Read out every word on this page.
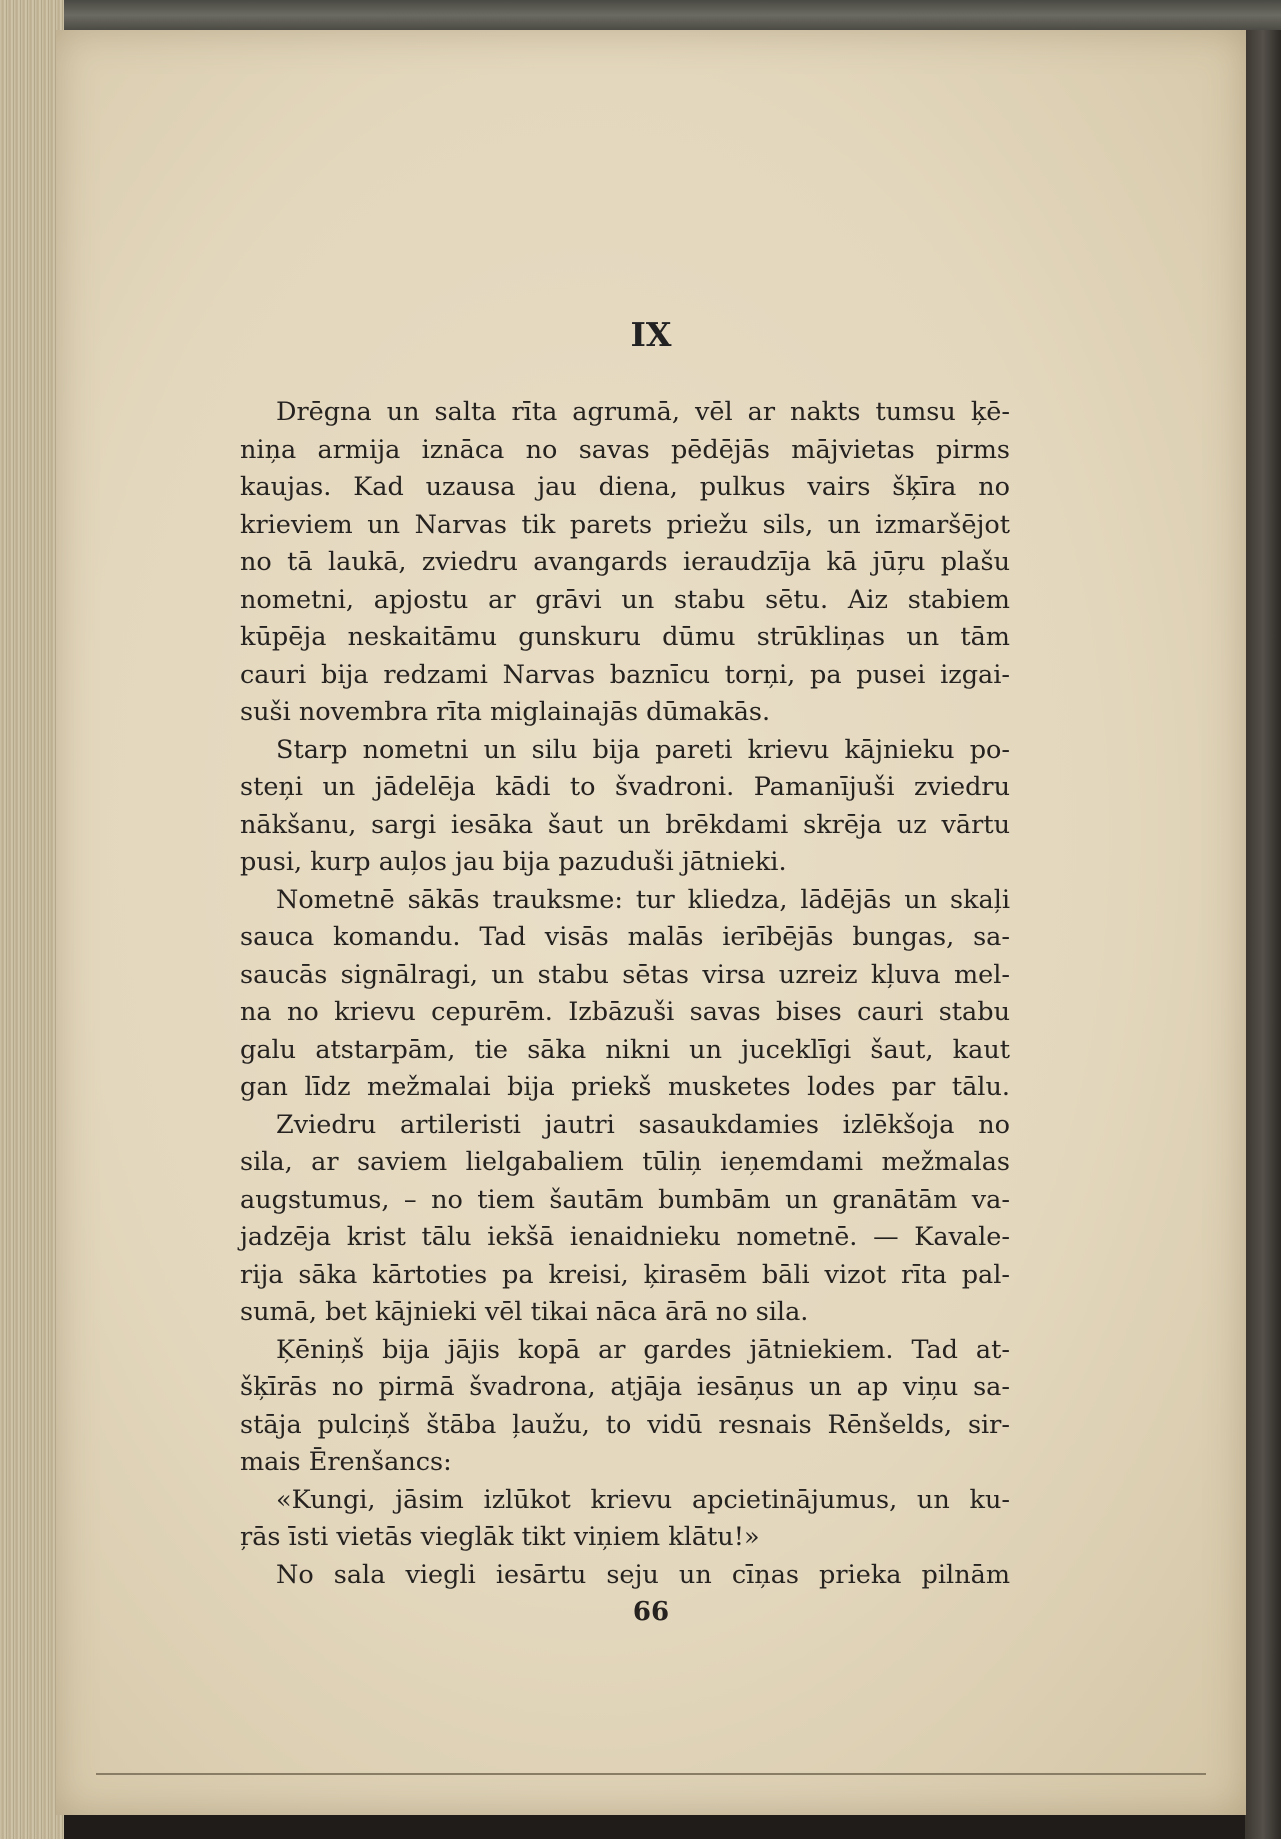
IX
Drēgna un salta rīta agrumā, vēl ar nakts tumsu ķē-
niņa armija iznāca no savas pēdējās mājvietas pirms
kaujas. Kad uzausa jau diena, pulkus vairs šķīra no
krieviem un Narvas tik parets priežu sils, un izmaršējot
no tā laukā, zviedru avangards ieraudzīja kā jūŗu plašu
nometni, apjostu ar grāvi un stabu sētu. Aiz stabiem
kūpēja neskaitāmu gunskuru dūmu strūkliņas un tām
cauri bija redzami Narvas baznīcu torņi, pa pusei izgai-
suši novembra rīta miglainajās dūmakās.
Starp nometni un silu bija pareti krievu kājnieku po-
steņi un jādelēja kādi to švadroni. Pamanījuši zviedru
nākšanu, sargi iesāka šaut un brēkdami skrēja uz vārtu
pusi, kurp auļos jau bija pazuduši jātnieki.
Nometnē sākās trauksme: tur kliedza, lādējās un skaļi
sauca komandu. Tad visās malās ierībējās bungas, sa-
saucās signālragi, un stabu sētas virsa uzreiz kļuva mel-
na no krievu cepurēm. Izbāzuši savas bises cauri stabu
galu atstarpām, tie sāka nikni un juceklīgi šaut, kaut
gan līdz mežmalai bija priekš musketes lodes par tālu.
Zviedru artileristi jautri sasaukdamies izlēkšoja no
sila, ar saviem lielgabaliem tūliņ ieņemdami mežmalas
augstumus, – no tiem šautām bumbām un granātām va-
jadzēja krist tālu iekšā ienaidnieku nometnē. — Kavale-
rija sāka kārtoties pa kreisi, ķirasēm bāli vizot rīta pal-
sumā, bet kājnieki vēl tikai nāca ārā no sila.
Ķēniņš bija jājis kopā ar gardes jātniekiem. Tad at-
šķīrās no pirmā švadrona, atjāja iesāņus un ap viņu sa-
stāja pulciņš štāba ļaužu, to vidū resnais Rēnšelds, sir-
mais Ērenšancs:
«Kungi, jāsim izlūkot krievu apcietinājumus, un ku-
ŗās īsti vietās vieglāk tikt viņiem klātu!»
No sala viegli iesārtu seju un cīņas prieka pilnām
66
